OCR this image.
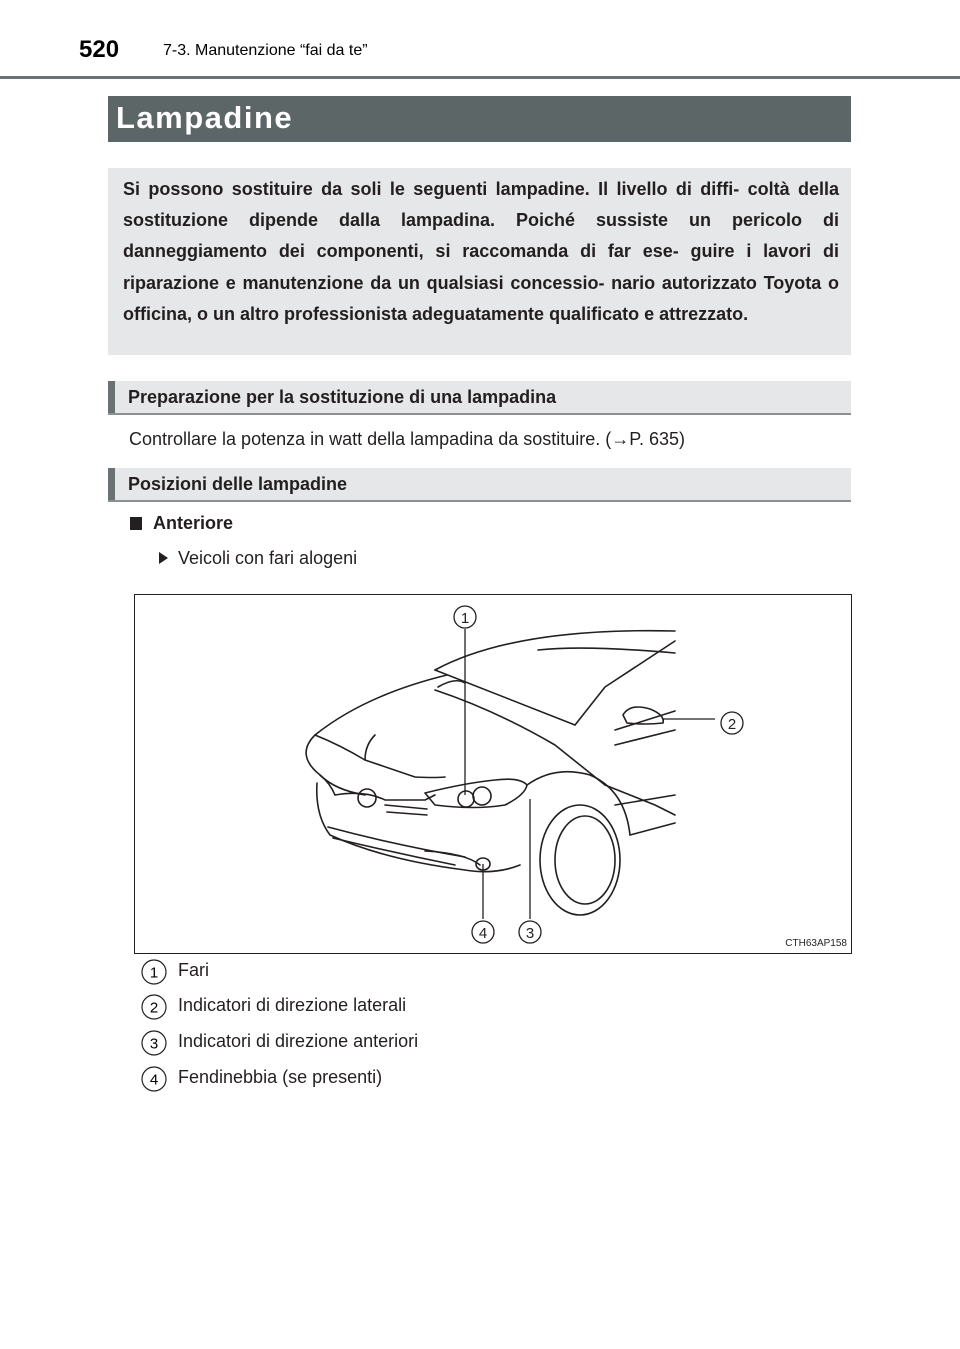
520	7-3. Manutenzione “fai da te”
Lampadine
Si possono sostituire da soli le seguenti lampadine. Il livello di diffi- coltà della sostituzione dipende dalla lampadina. Poiché sussiste un pericolo di danneggiamento dei componenti, si raccomanda di far ese- guire i lavori di riparazione e manutenzione da un qualsiasi concessio- nario autorizzato Toyota o officina, o un altro professionista adeguatamente qualificato e attrezzato.
Preparazione per la sostituzione di una lampadina
Controllare la potenza in watt della lampadina da sostituire. (→P. 635)
Posizioni delle lampadine
Anteriore
Veicoli con fari alogeni
1
2
3
4
CTH63AP158
1 Fari
2 Indicatori di direzione laterali
3 Indicatori di direzione anteriori
4 Fendinebbia (se presenti)
